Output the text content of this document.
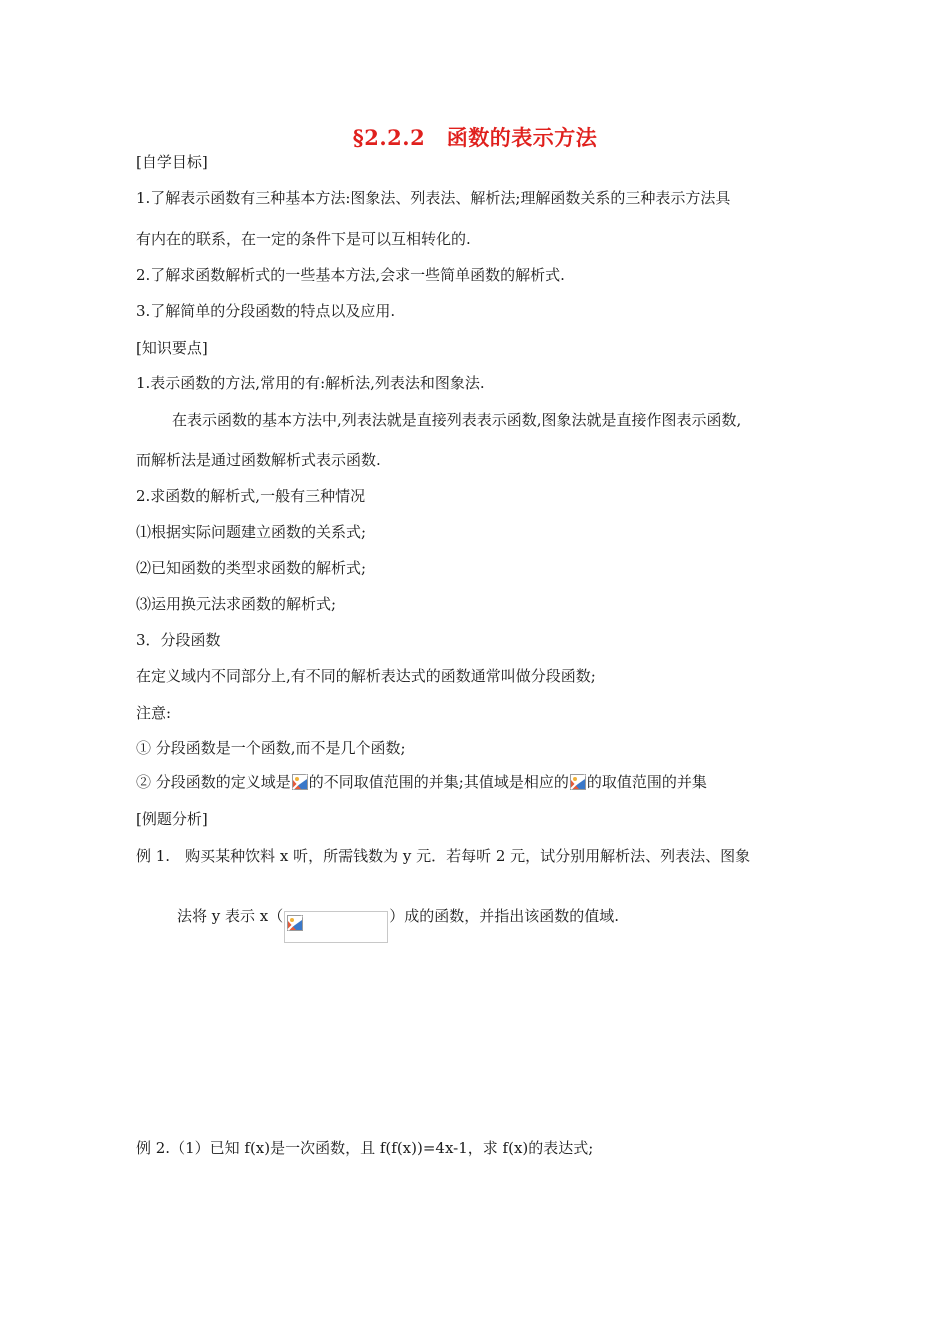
§2.2.2　函数的表示方法
[自学目标]
1.了解表示函数有三种基本方法:图象法、列表法、解析法;理解函数关系的三种表示方法具
有内在的联系，在一定的条件下是可以互相转化的.
2.了解求函数解析式的一些基本方法,会求一些简单函数的解析式.
3.了解简单的分段函数的特点以及应用.
[知识要点]
1.表示函数的方法,常用的有:解析法,列表法和图象法.
在表示函数的基本方法中,列表法就是直接列表表示函数,图象法就是直接作图表示函数,
而解析法是通过函数解析式表示函数.
2.求函数的解析式,一般有三种情况
⑴根据实际问题建立函数的关系式;
⑵已知函数的类型求函数的解析式;
⑶运用换元法求函数的解析式;
3．分段函数
在定义域内不同部分上,有不同的解析表达式的函数通常叫做分段函数;
注意:
① 分段函数是一个函数,而不是几个函数;
② 分段函数的定义域是 的不同取值范围的并集;其值域是相应的 的取值范围的并集
[例题分析]
例 1.　购买某种饮料 x 听，所需钱数为 y 元．若每听 2 元，试分别用解析法、列表法、图象
法将 y 表示 x（	）成的函数，并指出该函数的值域.
例 2.（1）已知 f(x)是一次函数，且 f(f(x))=4x-1，求 f(x)的表达式;
